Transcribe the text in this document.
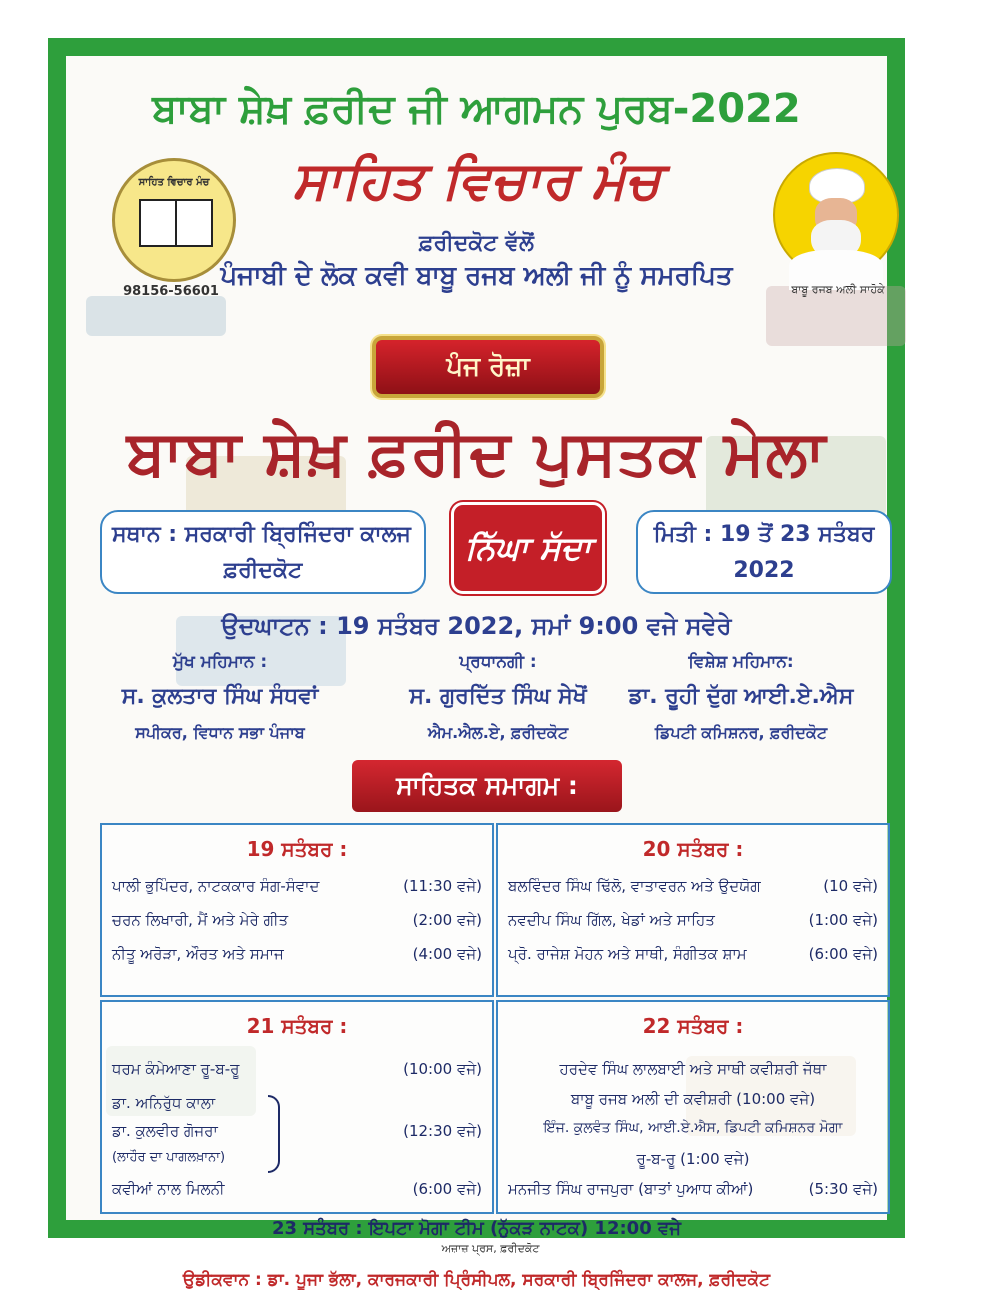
ਬਾਬਾ ਸ਼ੇਖ਼ ਫ਼ਰੀਦ ਜੀ ਆਗਮਨ ਪੁਰਬ-2022
ਸਾਹਿਤ ਵਿਚਾਰ ਮੰਚ
98156-56601
ਸਾਹਿਤ ਵਿਚਾਰ ਮੰਚ
ਫ਼ਰੀਦਕੋਟ ਵੱਲੋਂ
ਪੰਜਾਬੀ ਦੇ ਲੋਕ ਕਵੀ ਬਾਬੂ ਰਜਬ ਅਲੀ ਜੀ ਨੂੰ ਸਮਰਪਿਤ	ਬਾਬੂ ਰਜਬ ਅਲੀ ਸਾਹੋਕੇ
ਪੰਜ ਰੋਜ਼ਾ
ਬਾਬਾ ਸ਼ੇਖ਼ ਫ਼ਰੀਦ ਪੁਸਤਕ ਮੇਲਾ
ਸਥਾਨ : ਸਰਕਾਰੀ ਬ੍ਰਿਜਿੰਦਰਾ ਕਾਲਜ
ਫ਼ਰੀਦਕੋਟ
ਨਿੱਘਾ ਸੱਦਾ	ਮਿਤੀ : 19 ਤੋਂ 23 ਸਤੰਬਰ
2022
ਉਦਘਾਟਨ : 19 ਸਤੰਬਰ 2022, ਸਮਾਂ 9:00 ਵਜੇ ਸਵੇਰੇ
ਮੁੱਖ ਮਹਿਮਾਨ :
ਸ. ਕੁਲਤਾਰ ਸਿੰਘ ਸੰਧਵਾਂ
ਸਪੀਕਰ, ਵਿਧਾਨ ਸਭਾ ਪੰਜਾਬ
ਪ੍ਰਧਾਨਗੀ :
ਸ. ਗੁਰਦਿੱਤ ਸਿੰਘ ਸੇਖੋਂ
ਐਮ.ਐਲ.ਏ, ਫ਼ਰੀਦਕੋਟ
ਵਿਸ਼ੇਸ਼ ਮਹਿਮਾਨ:
ਡਾ. ਰੂਹੀ ਦੁੱਗ ਆਈ.ਏ.ਐਸ
ਡਿਪਟੀ ਕਮਿਸ਼ਨਰ, ਫ਼ਰੀਦਕੋਟ
ਸਾਹਿਤਕ ਸਮਾਗਮ :
19 ਸਤੰਬਰ :
ਪਾਲੀ ਭੁਪਿੰਦਰ, ਨਾਟਕਕਾਰ ਸੰਗ-ਸੰਵਾਦ	(11:30 ਵਜੇ)
ਚਰਨ ਲਿਖਾਰੀ, ਮੈਂ ਅਤੇ ਮੇਰੇ ਗੀਤ	(2:00 ਵਜੇ)
ਨੀਤੂ ਅਰੋੜਾ, ਔਰਤ ਅਤੇ ਸਮਾਜ	(4:00 ਵਜੇ)
20 ਸਤੰਬਰ :
ਬਲਵਿੰਦਰ ਸਿੰਘ ਢਿੱਲੋ, ਵਾਤਾਵਰਨ ਅਤੇ ਉਦਯੋਗ	(10 ਵਜੇ)
ਨਵਦੀਪ ਸਿੰਘ ਗਿੱਲ, ਖੇਡਾਂ ਅਤੇ ਸਾਹਿਤ	(1:00 ਵਜੇ)
ਪ੍ਰੋ. ਰਾਜੇਸ਼ ਮੋਹਨ ਅਤੇ ਸਾਥੀ, ਸੰਗੀਤਕ ਸ਼ਾਮ	(6:00 ਵਜੇ)
21 ਸਤੰਬਰ :
ਧਰਮ ਕੰਮੇਆਣਾ ਰੂ-ਬ-ਰੂ	(10:00 ਵਜੇ)
ਡਾ. ਅਨਿਰੁੱਧ ਕਾਲਾ
ਡਾ. ਕੁਲਵੀਰ ਗੋਜਰਾ	(12:30 ਵਜੇ)
(ਲਾਹੌਰ ਦਾ ਪਾਗਲਖ਼ਾਨਾ)
ਕਵੀਆਂ ਨਾਲ ਮਿਲਨੀ	(6:00 ਵਜੇ)
22 ਸਤੰਬਰ :
ਹਰਦੇਵ ਸਿੰਘ ਲਾਲਬਾਈ ਅਤੇ ਸਾਥੀ ਕਵੀਸ਼ਰੀ ਜੱਥਾ
ਬਾਬੂ ਰਜਬ ਅਲੀ ਦੀ ਕਵੀਸ਼ਰੀ (10:00 ਵਜੇ)
ਇੰਜ. ਕੁਲਵੰਤ ਸਿੰਘ, ਆਈ.ਏ.ਐਸ, ਡਿਪਟੀ ਕਮਿਸ਼ਨਰ ਮੋਗਾ
ਰੂ-ਬ-ਰੂ (1:00 ਵਜੇ)
ਮਨਜੀਤ ਸਿੰਘ ਰਾਜਪੁਰਾ (ਬਾਤਾਂ ਪੁਆਧ ਕੀਆਂ)	(5:30 ਵਜੇ)
23 ਸਤੰਬਰ : ਇਪਟਾ ਮੋਗਾ ਟੀਮ (ਨੁੱਕੜ ਨਾਟਕ) 12:00 ਵਜੇ
ਉਡੀਕਵਾਨ : ਡਾ. ਪੂਜਾ ਭੱਲਾ, ਕਾਰਜਕਾਰੀ ਪ੍ਰਿੰਸੀਪਲ, ਸਰਕਾਰੀ ਬ੍ਰਿਜਿੰਦਰਾ ਕਾਲਜ, ਫ਼ਰੀਦਕੋਟ
ਅਜ਼ਾਜ਼ ਪ੍ਰਸ, ਫ਼ਰੀਦਕੋਟ
